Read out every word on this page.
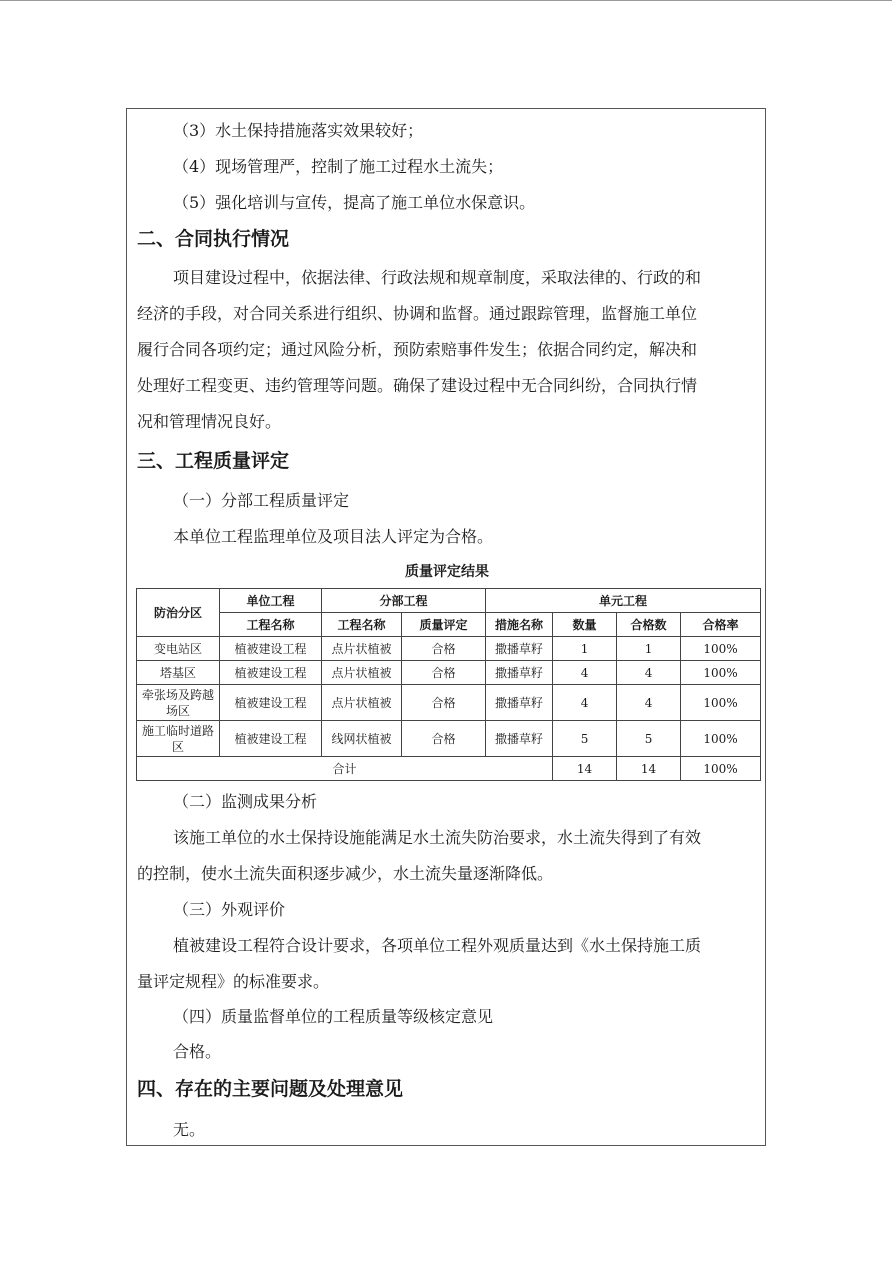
（3）水土保持措施落实效果较好；
（4）现场管理严，控制了施工过程水土流失；
（5）强化培训与宣传，提高了施工单位水保意识。
二、合同执行情况
项目建设过程中，依据法律、行政法规和规章制度，采取法律的、行政的和
经济的手段，对合同关系进行组织、协调和监督。通过跟踪管理，监督施工单位
履行合同各项约定；通过风险分析，预防索赔事件发生；依据合同约定，解决和
处理好工程变更、违约管理等问题。确保了建设过程中无合同纠纷，合同执行情
况和管理情况良好。
三、工程质量评定
（一）分部工程质量评定
本单位工程监理单位及项目法人评定为合格。
质量评定结果
防治分区	单位工程	分部工程		单元工程			
	工程名称	工程名称	质量评定	措施名称	数量	合格数	合格率
变电站区	植被建设工程	点片状植被	合格	撒播草籽	1	1	100%
塔基区	植被建设工程	点片状植被	合格	撒播草籽	4	4	100%
牵张场及跨越场区	植被建设工程	点片状植被	合格	撒播草籽	4	4	100%
施工临时道路区	植被建设工程	线网状植被	合格	撒播草籽	5	5	100%
合计					14	14	100%
（二）监测成果分析
该施工单位的水土保持设施能满足水土流失防治要求，水土流失得到了有效
的控制，使水土流失面积逐步减少，水土流失量逐渐降低。
（三）外观评价
植被建设工程符合设计要求，各项单位工程外观质量达到《水土保持施工质
量评定规程》的标准要求。
（四）质量监督单位的工程质量等级核定意见
合格。
四、存在的主要问题及处理意见
无。
